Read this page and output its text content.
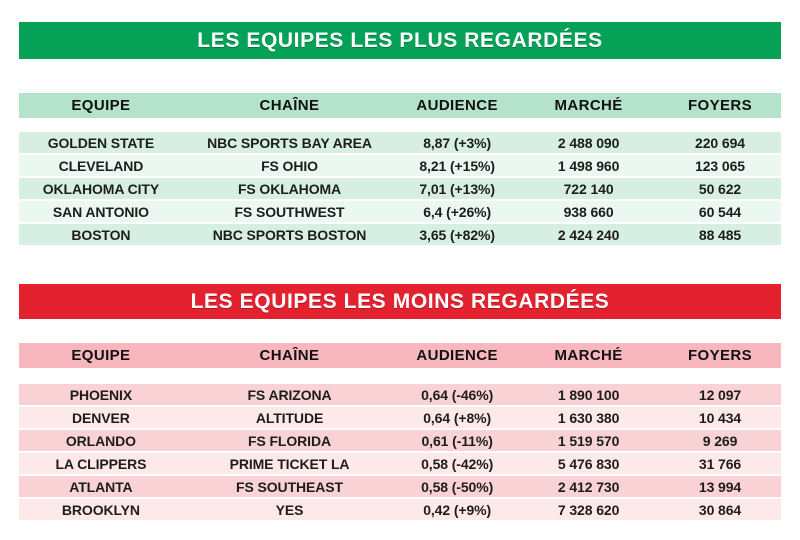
LES EQUIPES LES PLUS REGARDÉES
EQUIPE	CHAÎNE	AUDIENCE	MARCHÉ	FOYERS
GOLDEN STATE	NBC SPORTS BAY AREA	8,87 (+3%)	2 488 090	220 694
CLEVELAND	FS OHIO	8,21 (+15%)	1 498 960	123 065
OKLAHOMA CITY	FS OKLAHOMA	7,01 (+13%)	722 140	50 622
SAN ANTONIO	FS SOUTHWEST	6,4 (+26%)	938 660	60 544
BOSTON	NBC SPORTS BOSTON	3,65 (+82%)	2 424 240	88 485
LES EQUIPES LES MOINS REGARDÉES
EQUIPE	CHAÎNE	AUDIENCE	MARCHÉ	FOYERS
PHOENIX	FS ARIZONA	0,64 (-46%)	1 890 100	12 097
DENVER	ALTITUDE	0,64 (+8%)	1 630 380	10 434
ORLANDO	FS FLORIDA	0,61 (-11%)	1 519 570	9 269
LA CLIPPERS	PRIME TICKET LA	0,58 (-42%)	5 476 830	31 766
ATLANTA	FS SOUTHEAST	0,58 (-50%)	2 412 730	13 994
BROOKLYN	YES	0,42 (+9%)	7 328 620	30 864
